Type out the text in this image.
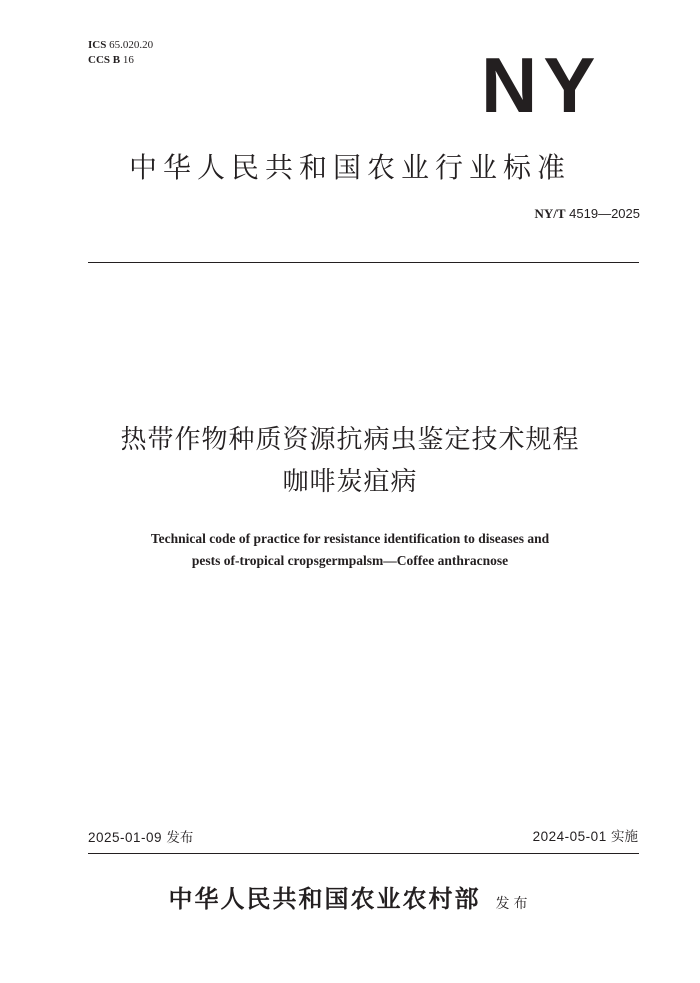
ICS 65.020.20
CCS B 16	NY
中华人民共和国农业行业标准
NY/T 4519—2025
热带作物种质资源抗病虫鉴定技术规程
咖啡炭疽病
Technical code of practice for resistance identification to diseases and
pests of-tropical cropsgermpalsm—Coffee anthracnose
2025-01-09 发布	2024-05-01 实施
中华人民共和国农业农村部 发布
